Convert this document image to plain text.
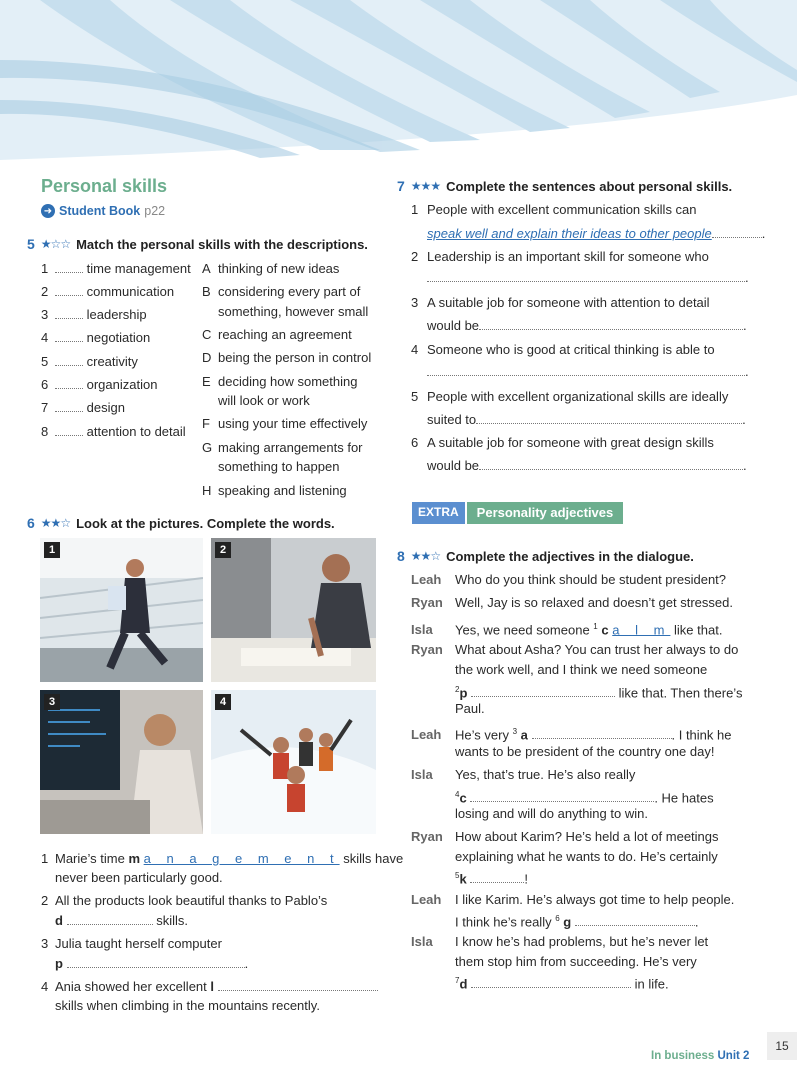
Personal skills
➜ Student Book p22
5 ★☆☆ Match the personal skills with the descriptions.
1	time management
2	communication
3	leadership
4	negotiation
5	creativity
6	organization
7	design
8	attention to detail
A thinking of new ideas
B considering every part of
something, however small
C reaching an agreement
D being the person in control
E deciding how something
will look or work
F using your time effectively
G making arrangements for
something to happen
H speaking and listening
6 ★★☆ Look at the pictures. Complete the words.
1	2
3	4
1 Marie’s time m a n a g e m e n t skills have
never been particularly good.
2 All the products look beautiful thanks to Pablo’s
d	skills.
3 Julia taught herself computer
p	.
4 Ania showed her excellent l
skills when climbing in the mountains recently.
7 ★★★ Complete the sentences about personal skills.
1 People with excellent communication skills can
speak well and explain their ideas to other people	.
2 Leadership is an important skill for someone who
.
3 A suitable job for someone with attention to detail
would be	.
4 Someone who is good at critical thinking is able to
.
5 People with excellent organizational skills are ideally
suited to	.
6 A suitable job for someone with great design skills
would be	.
EXTRA	Personality adjectives
8 ★★☆ Complete the adjectives in the dialogue.
Leah Who do you think should be student president?
Ryan Well, Jay is so relaxed and doesn’t get stressed.
Isla Yes, we need someone $^1$ c a l m like that.
Ryan What about Asha? You can trust her always to do
the work well, and I think we need someone
$^2$p	like that. Then there’s
Paul.
Leah He’s very $^3$ a	. I think he
wants to be president of the country one day!
Isla Yes, that’s true. He’s also really
$^4$c	. He hates
losing and will do anything to win.
Ryan How about Karim? He’s held a lot of meetings
explaining what he wants to do. He’s certainly
$^5$k	!
Leah I like Karim. He’s always got time to help people.
I think he’s really $^6$ g	.
Isla I know he’s had problems, but he’s never let
them stop him from succeeding. He’s very
$^7$d	in life.
In business Unit 2
15
